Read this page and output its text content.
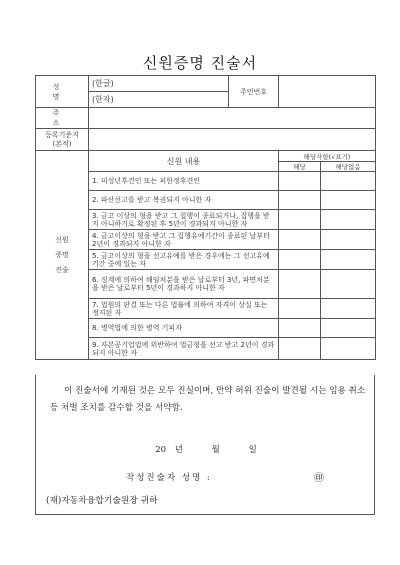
신원증명 진술서
성 명	(한글)	주민번호		
	(한자)			
주 소				

등록기준지
(본적)				

신원
증명
진술	신원 내용		해당사항(√표기)	
			해당	해당없음
	1. 피성년후견인 또는 피한정후견인			
	2. 파산선고를 받고 복권되지 아니한 자			
	3. 금고 이상의 형을 받고 그 집행이 종료되거나, 집행을 받지 아니하기로 확정된 후 5년이 경과되지 아니한 자			
	4. 금고이상의 형을 받고 그 집행유예기간이 종료된 날부터 2년이 경과되지 아니한 자			
	5. 금고이상의 형을 선고유예를 받은 경우에는 그 선고유예기간 중에 있는 자			
	6. 징계에 의하여 해임처분을 받은 날로부터 3년, 파면처분을 받은 날로부터 5년이 경과하지 아니한 자			
	7. 법원의 판결 또는 다른 법률에 의하여 자격이 상실 또는 정지된 자			
	8. 병역법에 의한 병역 기피자			
	9. 자본공기업법에 위반하여 벌금형을 선고 받고 2년이 경과되지 아니한 자			
이 진술서에 기재된 것은 모두 진실이며, 만약 허위 진술이 발견될 시는 임용 취소 등 처벌 조치를 감수할 것을 서약함.
20 년	월	일
작성진술자 성명 :	㊞
(재)자동차융합기술원장 귀하
